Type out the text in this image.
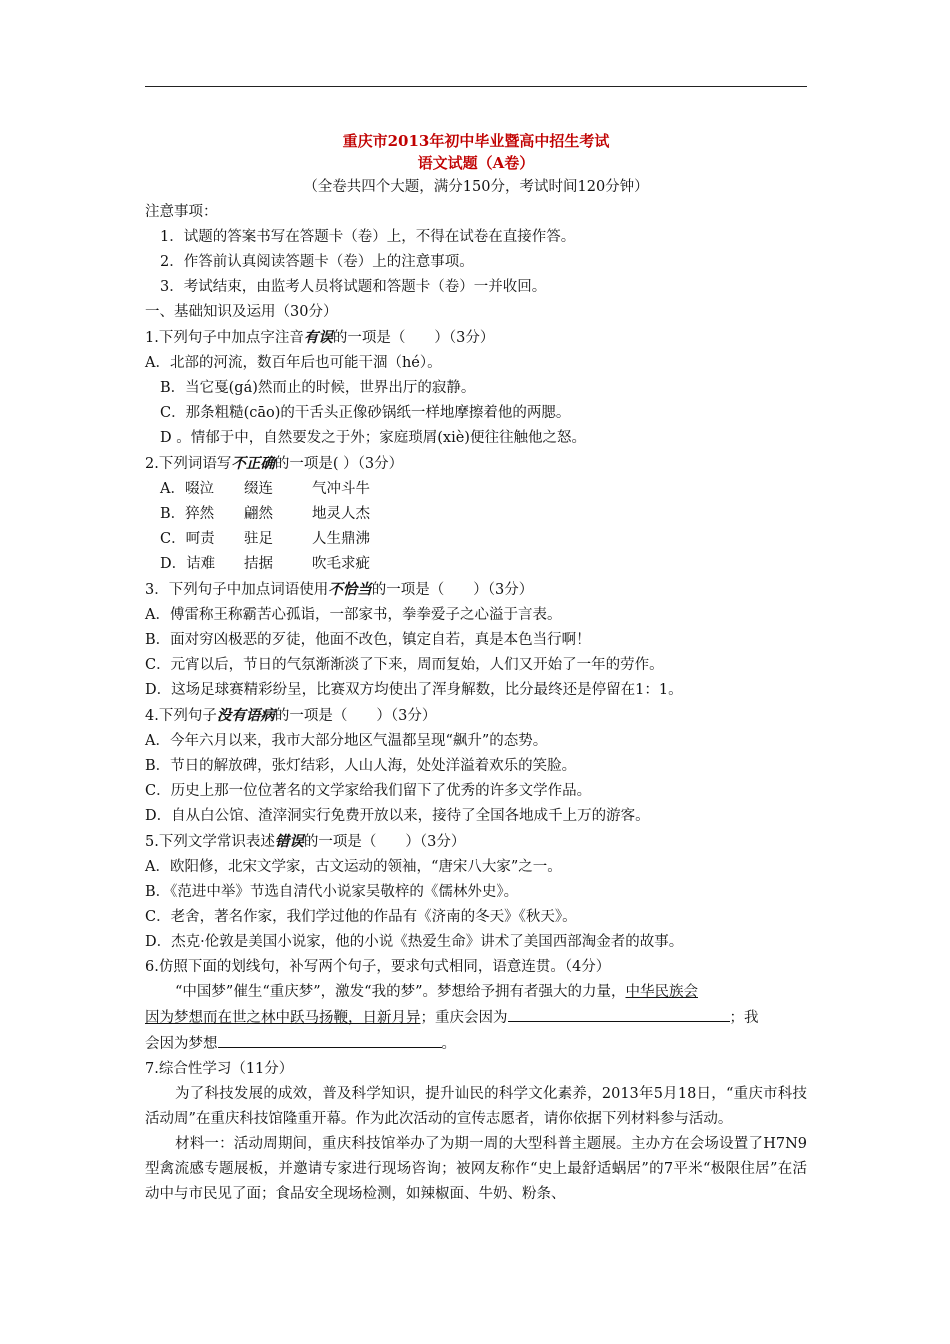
重庆市2013年初中毕业暨高中招生考试
语文试题（A卷）
（全卷共四个大题，满分150分，考试时间120分钟）
注意事项：
1．试题的答案书写在答题卡（卷）上，不得在试卷在直接作答。
2．作答前认真阅读答题卡（卷）上的注意事项。
3．考试结束，由监考人员将试题和答题卡（卷）一并收回。
一、基础知识及运用（30分）
1.下列句子中加点字注音有误的一项是（　　）（3分）
A．北部的河流，数百年后也可能干涸（hé）。
B．当它戛(gá)然而止的时候，世界出厅的寂静。
C．那条粗糙(cāo)的干舌头正像砂锅纸一样地摩擦着他的两腮。
D 。情郁于中，自然要发之于外；家庭琐屑(xiè)便往往触他之怒。
2.下列词语写不正确的一项是( ）（3分）
A．啜泣	缀连	气冲斗牛
B．猝然	翩然	地灵人杰
C．呵责	驻足	人生鼎沸
D．诘难	拮据	吹毛求疵
3．下列句子中加点词语使用不恰当的一项是（　　）（3分）
A．傅雷称王称霸苦心孤诣，一部家书，拳拳爱子之心溢于言表。
B．面对穷凶极恶的歹徒，他面不改色，镇定自若，真是本色当行啊！
C．元宵以后，节日的气氛渐渐淡了下来，周而复始，人们又开始了一年的劳作。
D．这场足球赛精彩纷呈，比赛双方均使出了浑身解数，比分最终还是停留在1：1。
4.下列句子没有语病的一项是（　　）（3分）
A．今年六月以来，我市大部分地区气温都呈现“飙升”的态势。
B．节日的解放碑，张灯结彩，人山人海，处处洋溢着欢乐的笑脸。
C．历史上那一位位著名的文学家给我们留下了优秀的许多文学作品。
D．自从白公馆、渣滓洞实行免费开放以来，接待了全国各地成千上万的游客。
5.下列文学常识表述错误的一项是（　　）（3分）
A．欧阳修，北宋文学家，古文运动的领袖，“唐宋八大家”之一。
B．《范进中举》节选自清代小说家吴敬梓的《儒林外史》。
C．老舍，著名作家，我们学过他的作品有《济南的冬天》《秋天》。
D．杰克·伦敦是美国小说家，他的小说《热爱生命》讲术了美国西部淘金者的故事。
6.仿照下面的划线句，补写两个句子，要求句式相同，语意连贯。（4分）
“中国梦”催生“重庆梦”，激发“我的梦”。梦想给予拥有者强大的力量，中华民族会
因为梦想而在世之林中跃马扬鞭，日新月异；重庆会因为	；我
会因为梦想	。
7.综合性学习（11分）
为了科技发展的成效，普及科学知识，提升讪民的科学文化素养，2013年5月18日，“重庆市科技活动周”在重庆科技馆隆重开幕。作为此次活动的宣传志愿者，请你依据下列材料参与活动。
材料一：活动周期间，重庆科技馆举办了为期一周的大型科普主题展。主办方在会场设置了H7N9型禽流感专题展板，并邀请专家进行现场咨询；被网友称作“史上最舒适蜗居”的7平米“极限住居”在活动中与市民见了面；食品安全现场检测，如辣椒面、牛奶、粉条、
